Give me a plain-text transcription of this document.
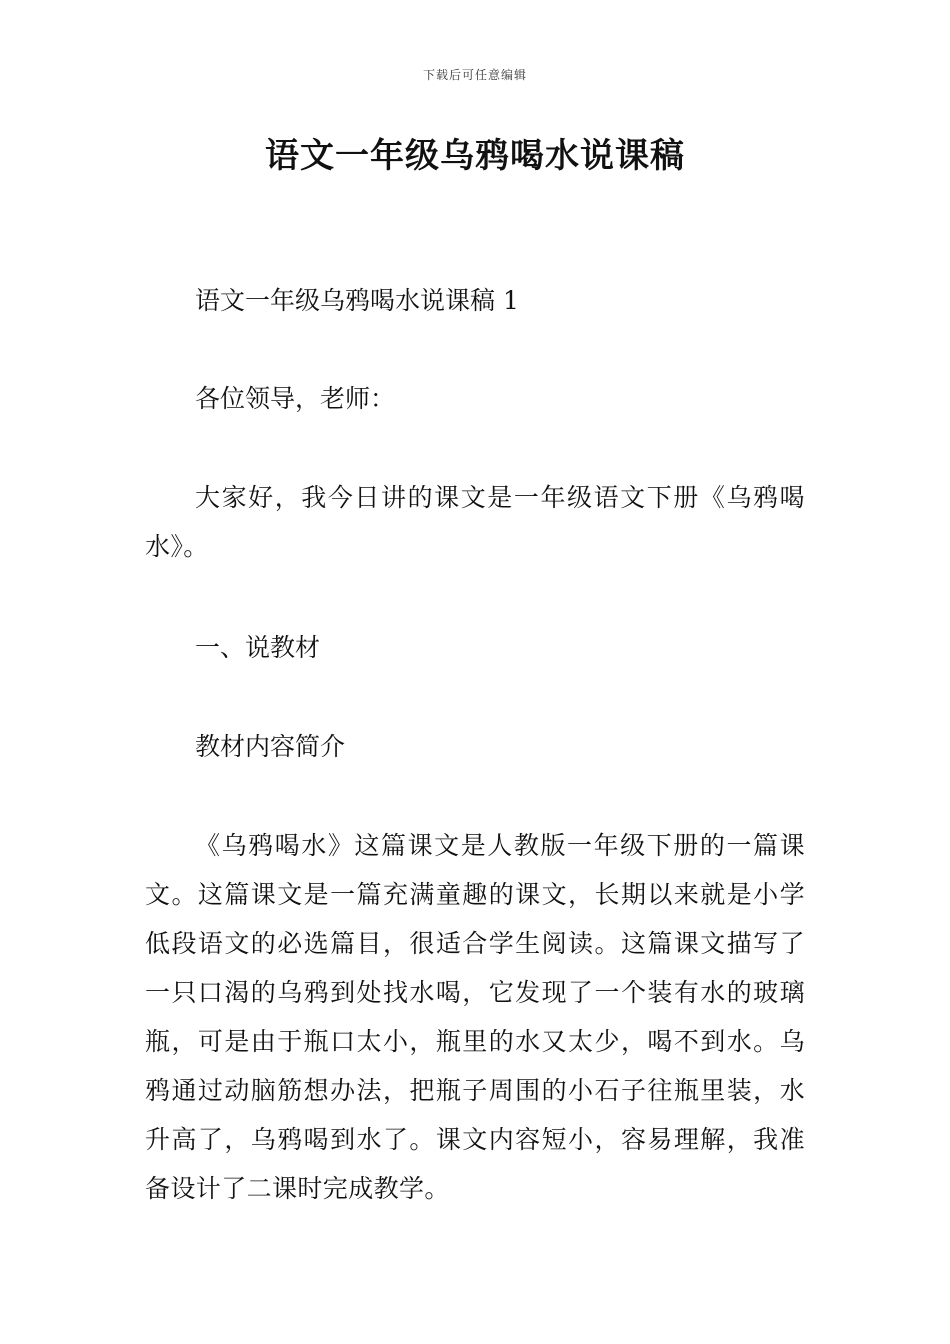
下载后可任意编辑
语文一年级乌鸦喝水说课稿

语文一年级乌鸦喝水说课稿 1

各位领导，老师：

大家好，我今日讲的课文是一年级语文下册《乌鸦喝水》。

一、说教材

教材内容简介

《乌鸦喝水》这篇课文是人教版一年级下册的一篇课文。这篇课文是一篇充满童趣的课文，长期以来就是小学低段语文的必选篇目，很适合学生阅读。这篇课文描写了一只口渴的乌鸦到处找水喝，它发现了一个装有水的玻璃瓶，可是由于瓶口太小，瓶里的水又太少，喝不到水。乌鸦通过动脑筋想办法，把瓶子周围的小石子往瓶里装，水升高了，乌鸦喝到水了。课文内容短小，容易理解，我准备设计了二课时完成教学。
